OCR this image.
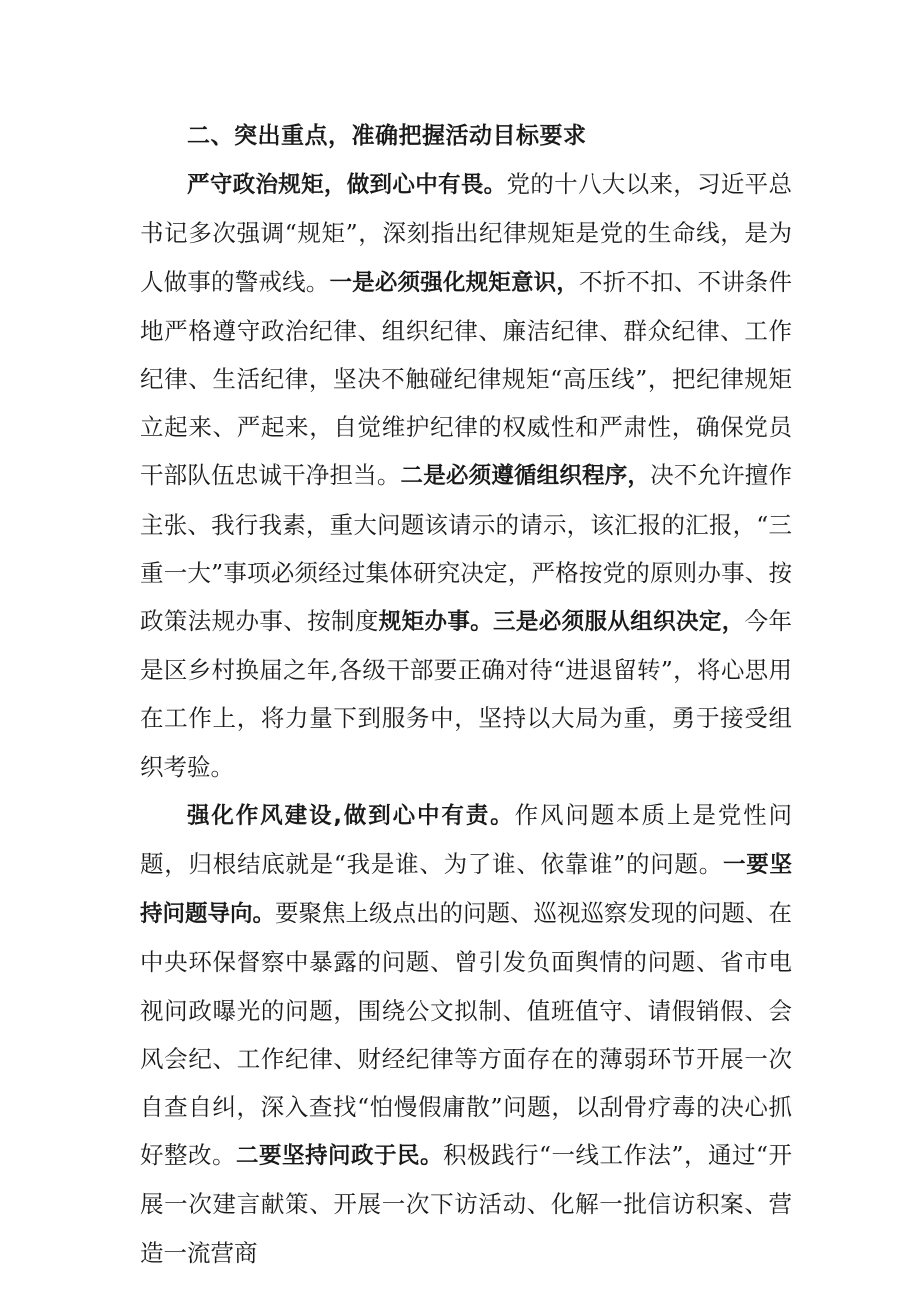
二、突出重点，准确把握活动目标要求

严守政治规矩，做到心中有畏。党的十八大以来，习近平总书记多次强调“规矩”，深刻指出纪律规矩是党的生命线，是为人做事的警戒线。一是必须强化规矩意识，不折不扣、不讲条件地严格遵守政治纪律、组织纪律、廉洁纪律、群众纪律、工作纪律、生活纪律，坚决不触碰纪律规矩“高压线”，把纪律规矩立起来、严起来，自觉维护纪律的权威性和严肃性，确保党员干部队伍忠诚干净担当。二是必须遵循组织程序，决不允许擅作主张、我行我素，重大问题该请示的请示，该汇报的汇报，“三重一大”事项必须经过集体研究决定，严格按党的原则办事、按政策法规办事、按制度规矩办事。三是必须服从组织决定，今年是区乡村换届之年,各级干部要正确对待“进退留转”，将心思用在工作上，将力量下到服务中，坚持以大局为重，勇于接受组织考验。

强化作风建设,做到心中有责。作风问题本质上是党性问题，归根结底就是“我是谁、为了谁、依靠谁”的问题。一要坚持问题导向。要聚焦上级点出的问题、巡视巡察发现的问题、在中央环保督察中暴露的问题、曾引发负面舆情的问题、省市电视问政曝光的问题，围绕公文拟制、值班值守、请假销假、会风会纪、工作纪律、财经纪律等方面存在的薄弱环节开展一次自查自纠，深入查找“怕慢假庸散”问题，以刮骨疗毒的决心抓好整改。二要坚持问政于民。积极践行“一线工作法”，通过“开展一次建言献策、开展一次下访活动、化解一批信访积案、营造一流营商
